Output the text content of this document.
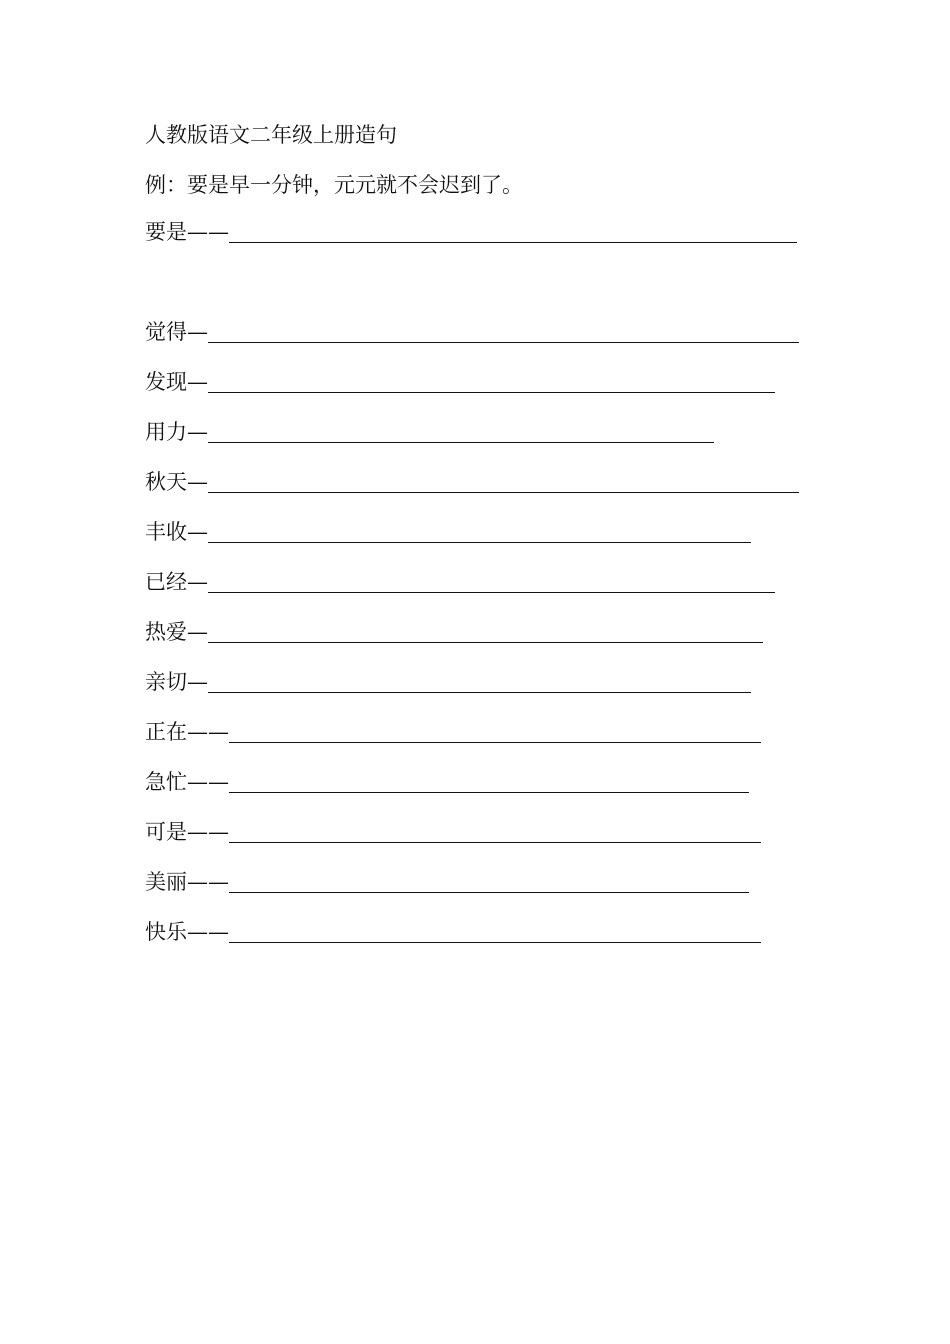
人教版语文二年级上册造句
例：要是早一分钟，元元就不会迟到了。
要是——
觉得—
发现—
用力—
秋天—
丰收—
已经—
热爱—
亲切—
正在——
急忙——
可是——
美丽——
快乐——
